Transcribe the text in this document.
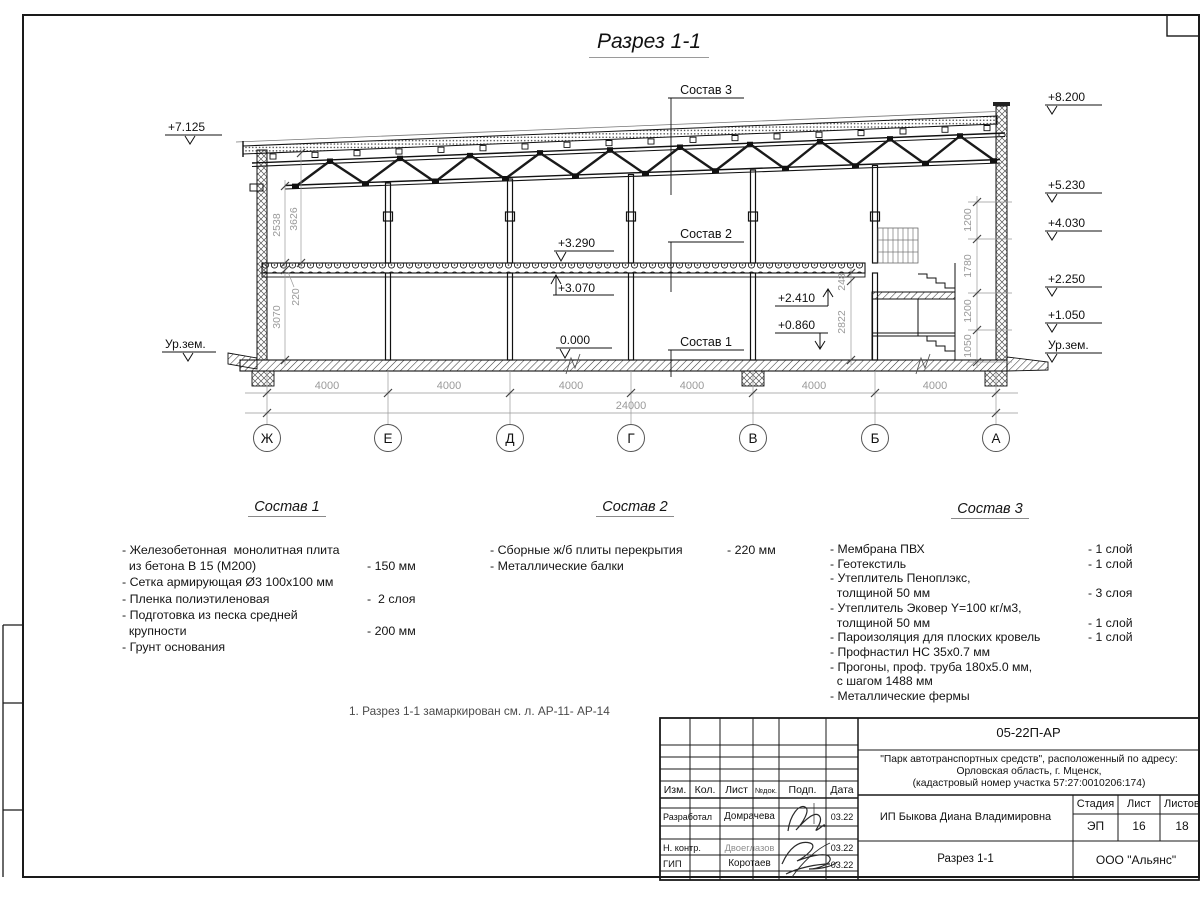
2538 3626
220
3070
248
2822
1200
1780
1200
1050
4000	4000	4000	4000	4000	4000
24000
Ж	Е	Д	Г	В	Б	А
+7.125
Ур.зем.
+3.290
+3.070
0.000
+2.410
+0.860
+8.200
+5.230
+4.030
+2.250
+1.050
Ур.зем.
Состав 3
Состав 2
Состав 1
Разрез 1-1
Состав 1
- Железобетонная  монолитная плита
из бетона В 15 (М200)	- 150 мм
- Сетка армирующая Ø3 100х100 мм
- Пленка полиэтиленовая	-  2 слоя
- Подготовка из песка средней
крупности	- 200 мм
- Грунт основания
Состав 2
- Сборные ж/б плиты перекрытия	- 220 мм
- Металлические балки
Состав 3
- Мембрана ПВХ	- 1 слой
- Геотекстиль	- 1 слой
- Утеплитель Пеноплэкс,
толщиной 50 мм	- 3 слоя
- Утеплитель Эковер Y=100 кг/м3,
толщиной 50 мм	- 1 слой
- Пароизоляция для плоских кровель	- 1 слой
- Профнастил НС 35х0.7 мм
- Прогоны, проф. труба 180х5.0 мм,
с шагом 1488 мм
- Металлические фермы
1. Разрез 1-1 замаркирован см. л. АР-11- АР-14
Изм. Кол. Лист №док.	Подп.	Дата
Разработал	Домрачева	03.22
Н. контр.	Двоеглазов	03.22
ГИП	Коротаев	03.22
05-22П-АР
"Парк автотранспортных средств", расположенный по адресу:
Орловская область, г. Мценск,
(кадастровый номер участка 57:27:0010206:174)
ИП Быкова Диана Владимировна
Разрез 1-1
Стадия	Лист	Листов
ЭП	16	18
ООО "Альянс"
